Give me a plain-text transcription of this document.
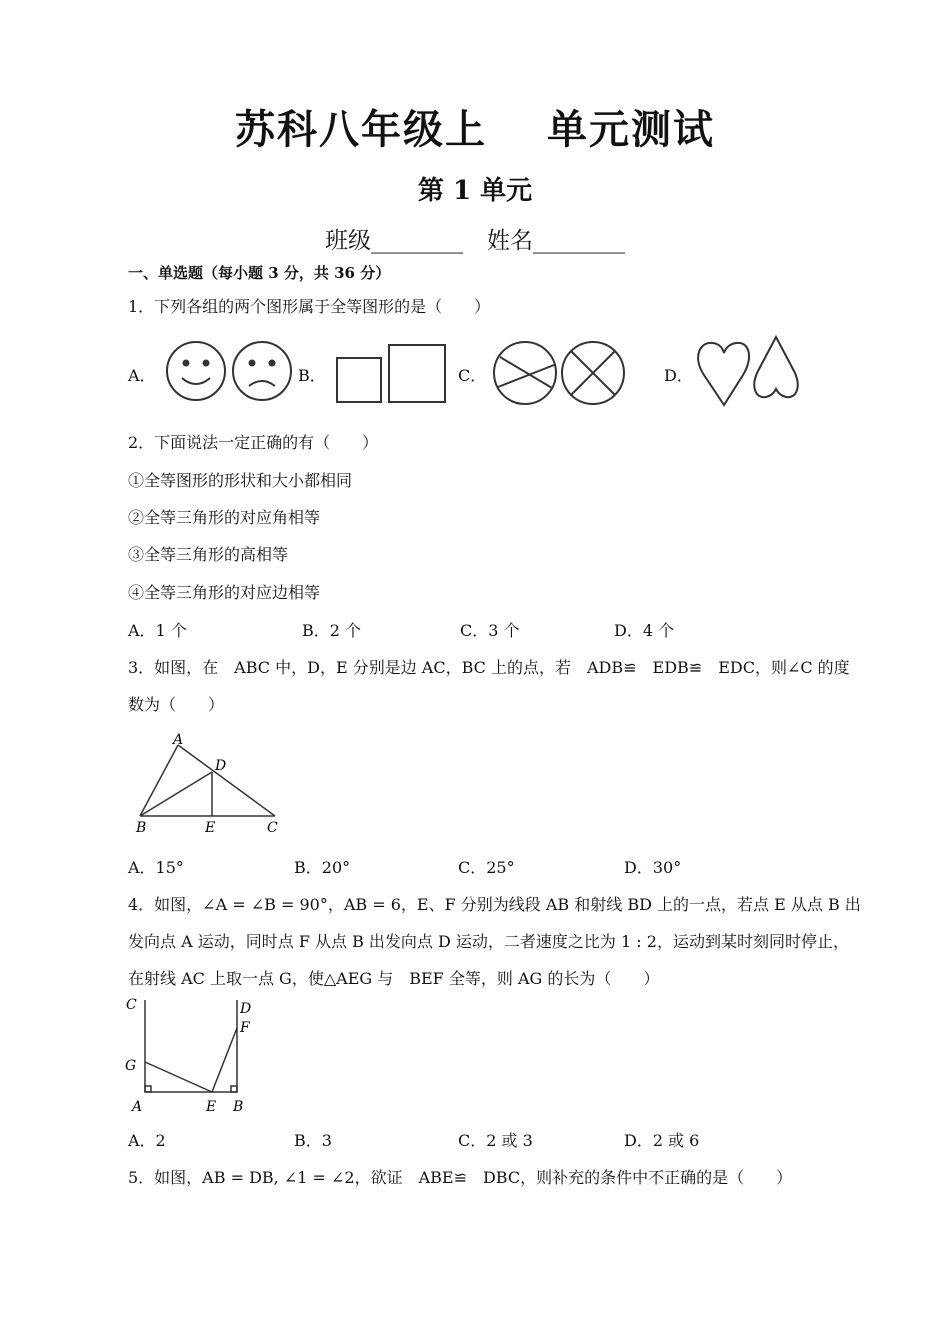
苏科八年级上 单元测试
第 1 单元
班级________ 姓名________
一、单选题（每小题 3 分，共 36 分）
1．下列各组的两个图形属于全等图形的是（　　）
A．	B．	C．	D．
2．下面说法一定正确的有（　　）
①全等图形的形状和大小都相同
②全等三角形的对应角相等
③全等三角形的高相等
④全等三角形的对应边相等
A．1 个	B．2 个	C．3 个	D．4 个
3．如图，在　ABC 中，D，E 分别是边 AC，BC 上的点，若　ADB≌　EDB≌　EDC，则∠C 的度
数为（　　）
A
D
B	E	C
A．15°	B．20°	C．25°	D．30°
4．如图，∠A = ∠B = 90°，AB = 6，E、F 分别为线段 AB 和射线 BD 上的一点，若点 E 从点 B 出
发向点 A 运动，同时点 F 从点 B 出发向点 D 运动，二者速度之比为 1 : 2，运动到某时刻同时停止，
在射线 AC 上取一点 G，使△AEG 与　BEF 全等，则 AG 的长为（　　）
C	D
F
G
A	E B
A．2	B．3	C．2 或 3	D．2 或 6
5．如图，AB = DB, ∠1 = ∠2，欲证　ABE≌　DBC，则补充的条件中不正确的是（　　）
